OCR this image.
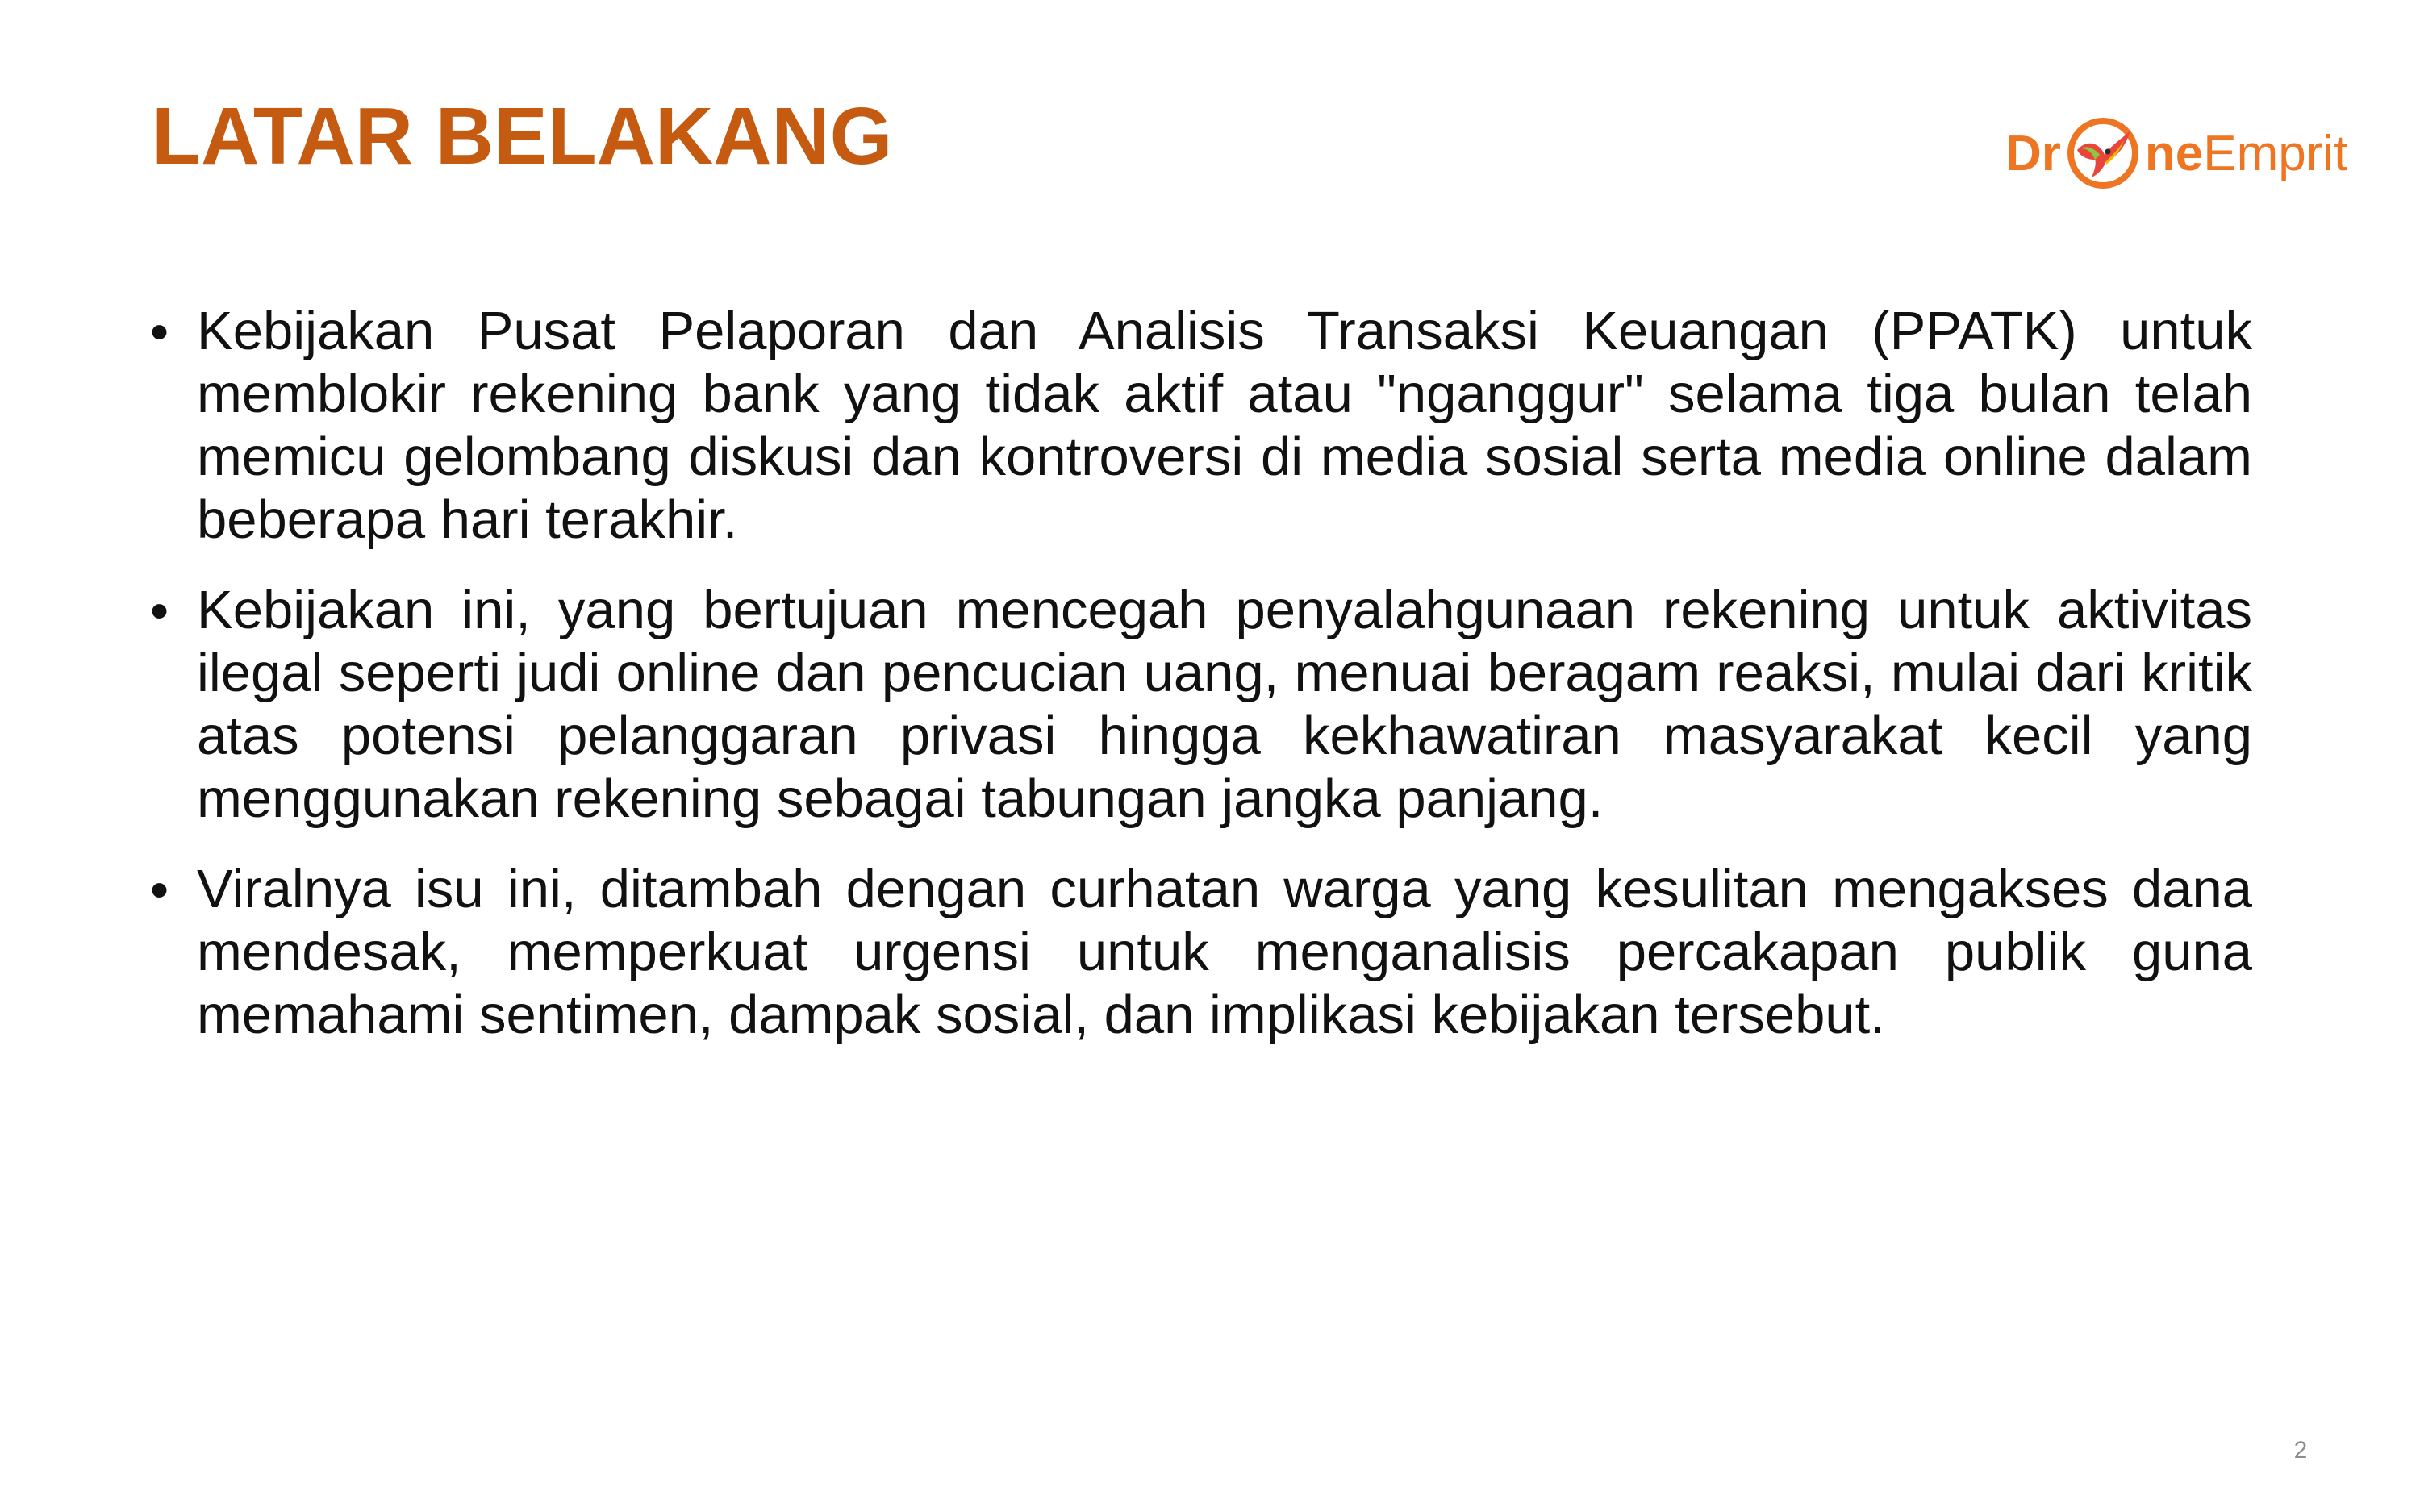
LATAR BELAKANG	Dr ne Emprit
• Kebijakan Pusat Pelaporan dan Analisis Transaksi Keuangan (PPATK) untuk memblokir rekening bank yang tidak aktif atau "nganggur" selama tiga bulan telah memicu gelombang diskusi dan kontroversi di media sosial serta media online dalam beberapa hari terakhir.
• Kebijakan ini, yang bertujuan mencegah penyalahgunaan rekening untuk aktivitas ilegal seperti judi online dan pencucian uang, menuai beragam reaksi, mulai dari kritik atas potensi pelanggaran privasi hingga kekhawatiran masyarakat kecil yang menggunakan rekening sebagai tabungan jangka panjang.
• Viralnya isu ini, ditambah dengan curhatan warga yang kesulitan mengakses dana mendesak, memperkuat urgensi untuk menganalisis percakapan publik guna memahami sentimen, dampak sosial, dan implikasi kebijakan tersebut.
2
